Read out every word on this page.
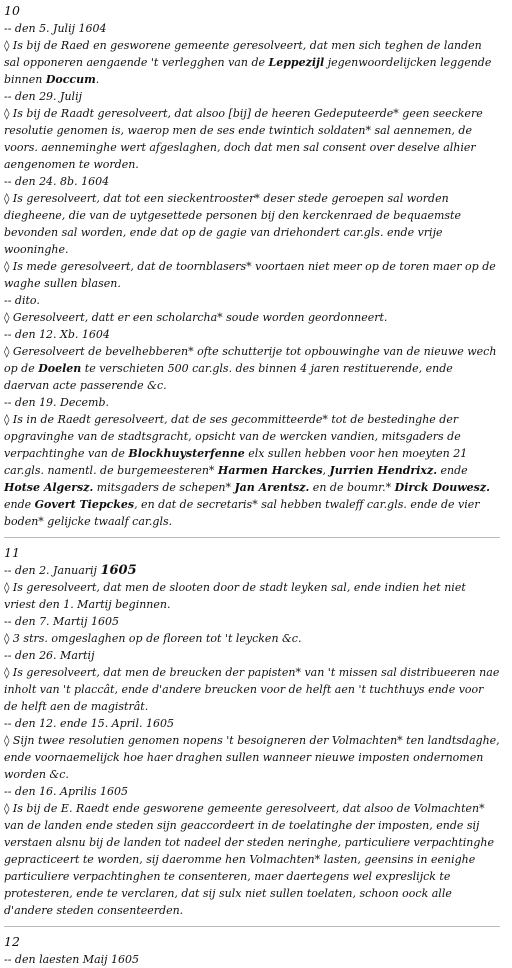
10
-- den 5. Julij 1604
◊ Is bij de Raed en gesworene gemeente geresolveert, dat men sich teghen de landen sal opponeren aengaende 't verlegghen van de Leppezijl jegenwoordelijcken leggende binnen Doccum.
-- den 29. Julij
◊ Is bij de Raadt geresolveert, dat alsoo [bij] de heeren Gedeputeerde* geen seeckere resolutie genomen is, waerop men de ses ende twintich soldaten* sal aennemen, de voors. aenneminghe wert afgeslaghen, doch dat men sal consent over deselve alhier aengenomen te worden.
-- den 24. 8b. 1604
◊ Is geresolveert, dat tot een sieckentrooster* deser stede geroepen sal worden diegheene, die van de uytgesettede personen bij den kerckenraed de bequaemste bevonden sal worden, ende dat op de gagie van driehondert car.gls. ende vrije wooninghe.
◊ Is mede geresolveert, dat de toornblasers* voortaen niet meer op de toren maer op de waghe sullen blasen.
-- dito.
◊ Geresolveert, datt er een scholarcha* soude worden geordonneert.
-- den 12. Xb. 1604
◊ Geresolveert de bevelhebberen* ofte schutterije tot opbouwinghe van de nieuwe wech op de Doelen te verschieten 500 car.gls. des binnen 4 jaren restituerende, ende daervan acte passerende &c.
-- den 19. Decemb.
◊ Is in de Raedt geresolveert, dat de ses gecommitteerde* tot de bestedinghe der opgravinghe van de stadtsgracht, opsicht van de wercken vandien, mitsgaders de verpachtinghe van de Blockhuysterfenne elx sullen hebben voor hen moeyten 21 car.gls. namentl. de burgemeesteren* Harmen Harckes, Jurrien Hendrixz. ende Hotse Algersz. mitsgaders de schepen* Jan Arentsz. en de boumr.* Dirck Douwesz. ende Govert Tiepckes, en dat de secretaris* sal hebben twaleff car.gls. ende de vier boden* gelijcke twaalf car.gls.
11
-- den 2. Januarij 1605
◊ Is geresolveert, dat men de slooten door de stadt leyken sal, ende indien het niet vriest den 1. Martij beginnen.
-- den 7. Martij 1605
◊ 3 strs. omgeslaghen op de floreen tot 't leycken &c.
-- den 26. Martij
◊ Is geresolveert, dat men de breucken der papisten* van 't missen sal distribueeren nae inholt van 't placcât, ende d'andere breucken voor de helft aen 't tuchthuys ende voor de helft aen de magistrât.
-- den 12. ende 15. April. 1605
◊ Sijn twee resolutien genomen nopens 't besoigneren der Volmachten* ten landtsdaghe, ende voornaemelijck hoe haer draghen sullen wanneer nieuwe imposten ondernomen worden &c.
-- den 16. Aprilis 1605
◊ Is bij de E. Raedt ende gesworene gemeente geresolveert, dat alsoo de Volmachten* van de landen ende steden sijn geaccordeert in de toelatinghe der imposten, ende sij verstaen alsnu bij de landen tot nadeel der steden neringhe, particuliere verpachtinghe gepracticeert te worden, sij daeromme hen Volmachten* lasten, geensins in eenighe particuliere verpachtinghen te consenteren, maer daertegens wel expreslijck te protesteren, ende te verclaren, dat sij sulx niet sullen toelaten, schoon oock alle d'andere steden consenteerden.
12
-- den laesten Maij 1605
